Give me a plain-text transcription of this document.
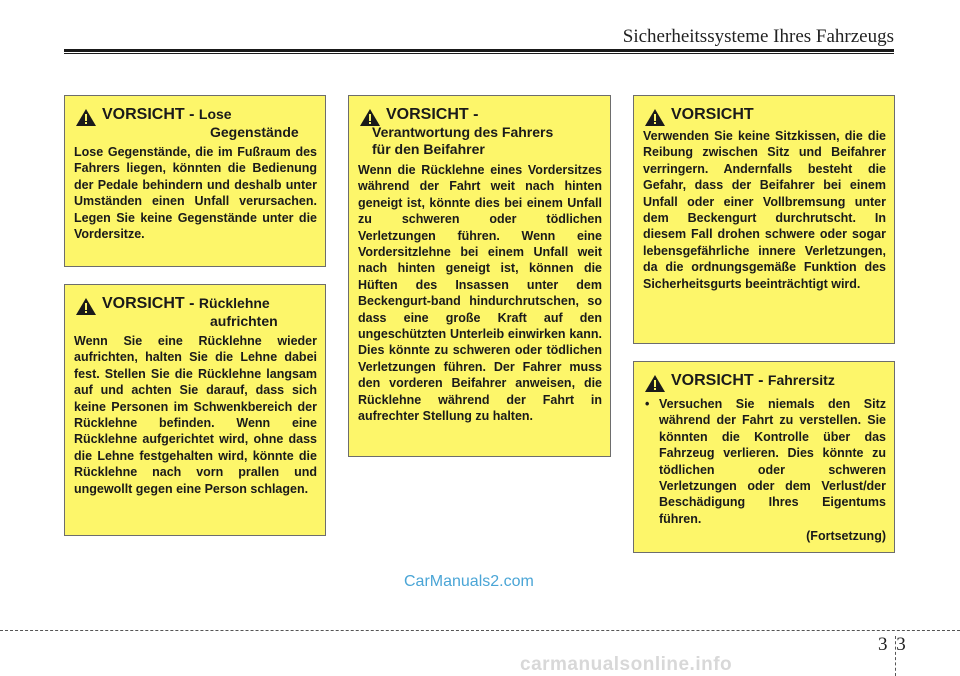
Sicherheitssysteme Ihres Fahrzeugs
VORSICHT - Lose
Gegenstände
Lose Gegenstände, die im Fußraum des Fahrers liegen, könnten die Bedienung der Pedale behindern und deshalb unter Umständen einen Unfall verursachen. Legen Sie keine Gegenstände unter die Vordersitze.
VORSICHT - Rücklehne
aufrichten
Wenn Sie eine Rücklehne wieder aufrichten, halten Sie die Lehne dabei fest. Stellen Sie die Rücklehne langsam auf und achten Sie darauf, dass sich keine Personen im Schwenkbereich der Rücklehne befinden. Wenn eine Rücklehne aufgerichtet wird, ohne dass die Lehne festgehalten wird, könnte die Rücklehne nach vorn prallen und ungewollt gegen eine Person schlagen.
VORSICHT -
Verantwortung des Fahrers
für den Beifahrer
Wenn die Rücklehne eines Vordersitzes während der Fahrt weit nach hinten geneigt ist, könnte dies bei einem Unfall zu schweren oder tödlichen Verletzungen führen. Wenn eine Vordersitzlehne bei einem Unfall weit nach hinten geneigt ist, können die Hüften des Insassen unter dem Beckengurt-band hindurchrutschen, so dass eine große Kraft auf den ungeschützten Unterleib einwirken kann. Dies könnte zu schweren oder tödlichen Verletzungen führen. Der Fahrer muss den vorderen Beifahrer anweisen, die Rücklehne während der Fahrt in aufrechter Stellung zu halten.
VORSICHT
Verwenden Sie keine Sitzkissen, die die Reibung zwischen Sitz und Beifahrer verringern. Andernfalls besteht die Gefahr, dass der Beifahrer bei einem Unfall oder einer Vollbremsung unter dem Beckengurt durchrutscht. In diesem Fall drohen schwere oder sogar lebensgefährliche innere Verletzungen, da die ordnungsgemäße Funktion des Sicherheitsgurts beeinträchtigt wird.
VORSICHT - Fahrersitz
• Versuchen Sie niemals den Sitz während der Fahrt zu verstellen. Sie könnten die Kontrolle über das Fahrzeug verlieren. Dies könnte zu tödlichen oder schweren Verletzungen oder dem Verlust/der Beschädigung Ihres Eigentums führen.
(Fortsetzung)
CarManuals2.com
3 3
carmanualsonline.info
